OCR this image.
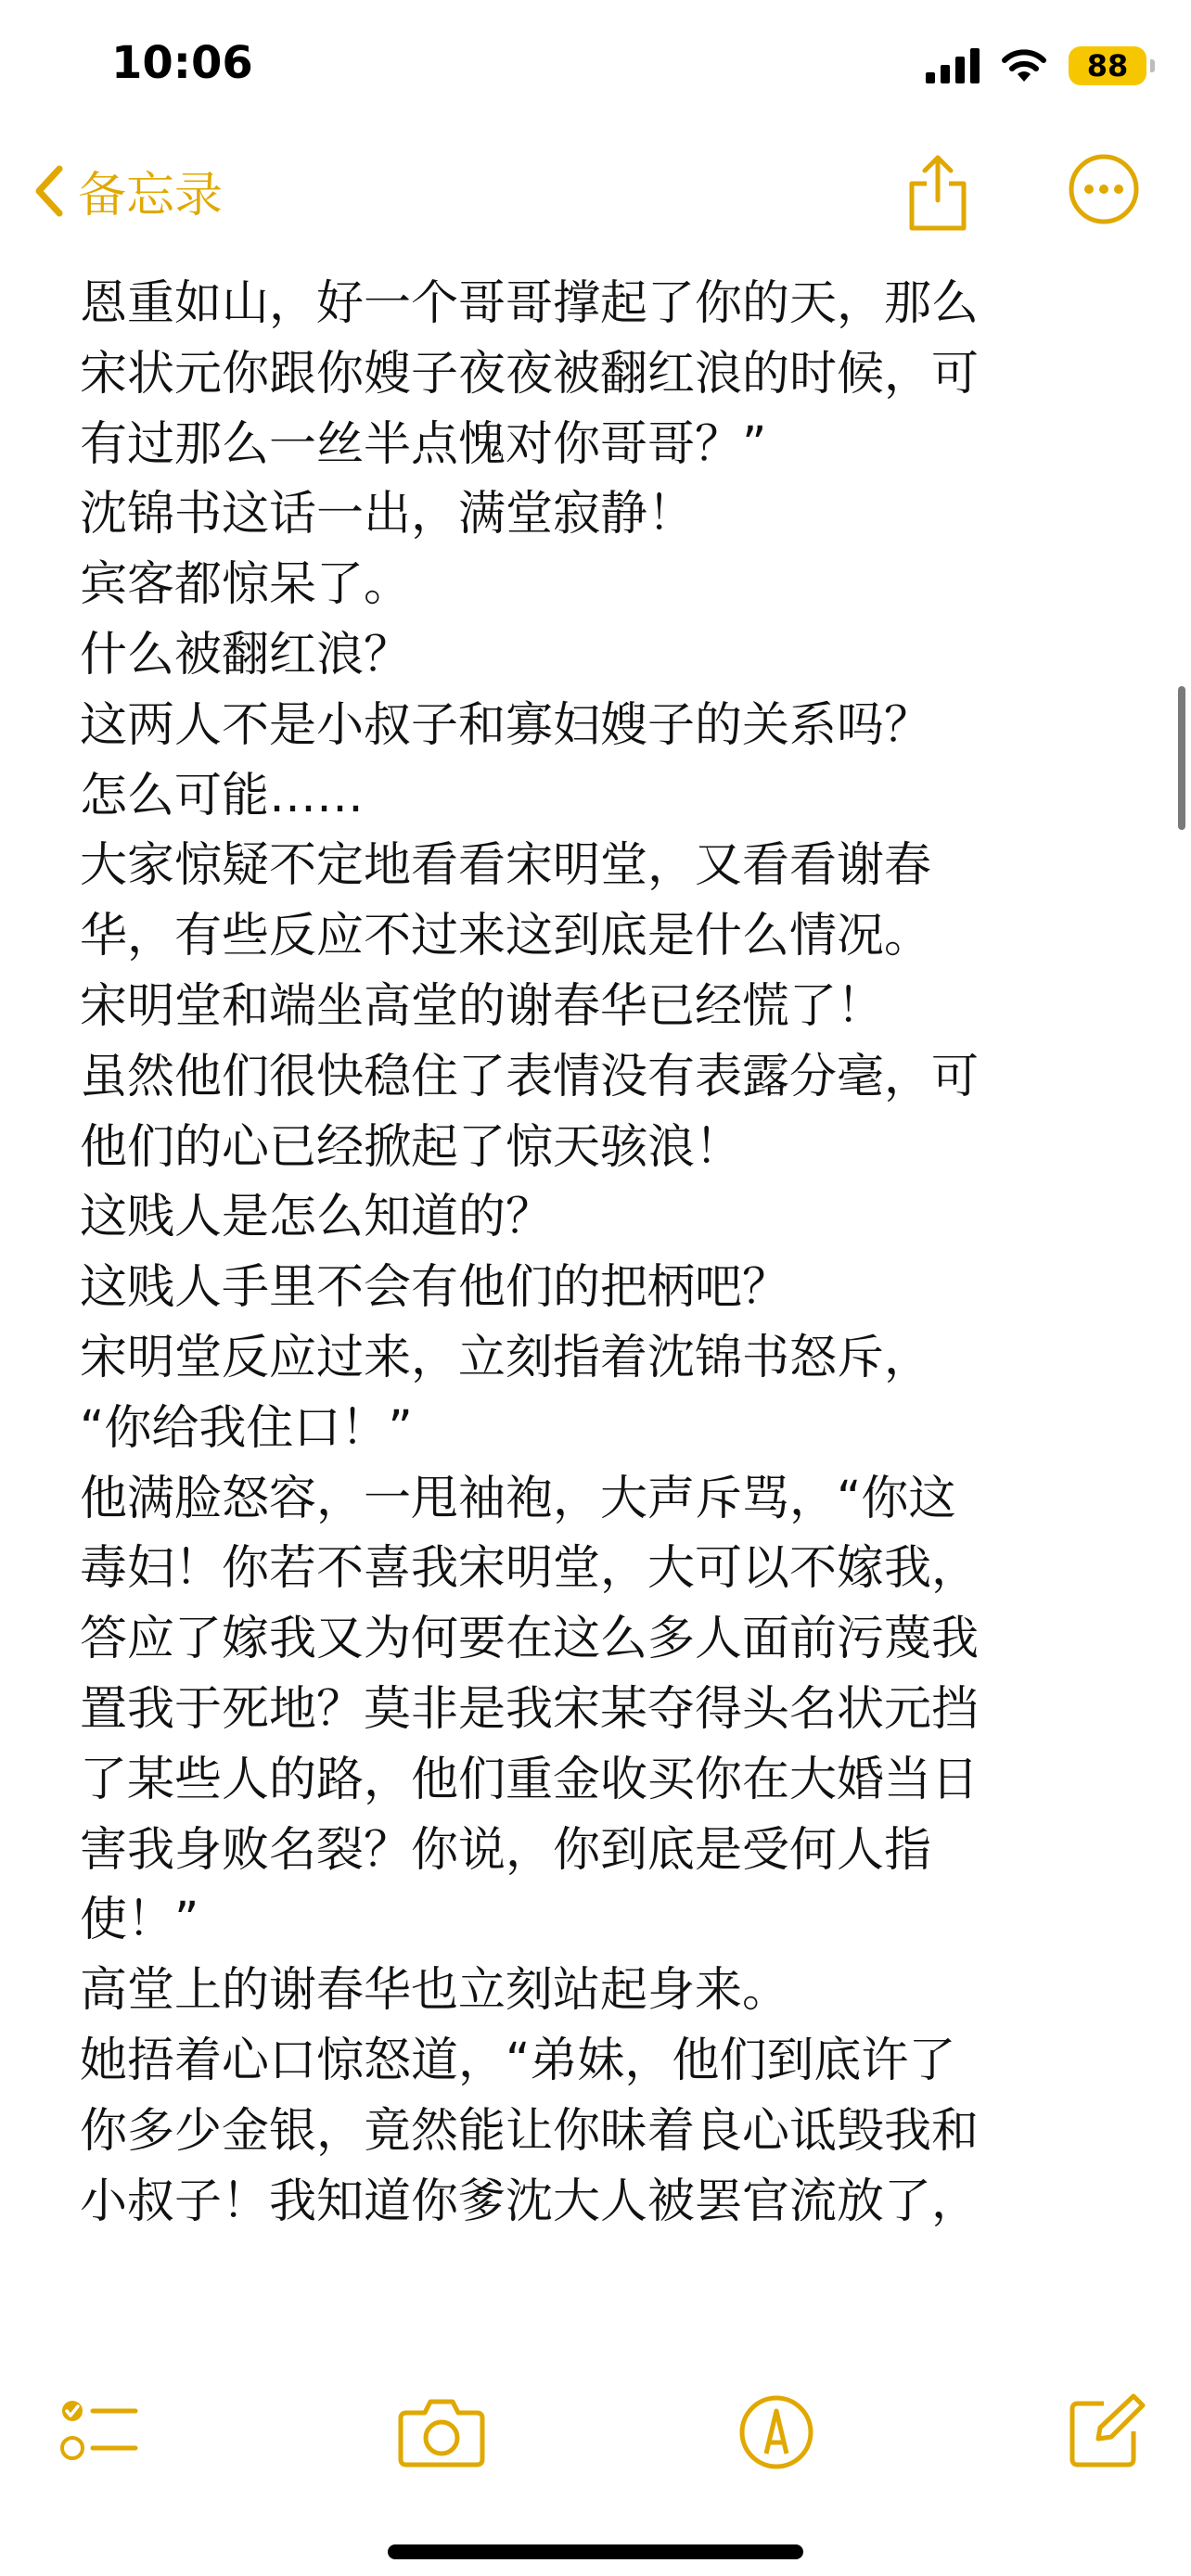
10:06	88
备忘录
恩重如山，好一个哥哥撑起了你的天，那么
宋状元你跟你嫂子夜夜被翻红浪的时候，可
有过那么一丝半点愧对你哥哥？”
沈锦书这话一出，满堂寂静！
宾客都惊呆了。
什么被翻红浪？
这两人不是小叔子和寡妇嫂子的关系吗？
怎么可能……
大家惊疑不定地看看宋明堂，又看看谢春
华，有些反应不过来这到底是什么情况。
宋明堂和端坐高堂的谢春华已经慌了！
虽然他们很快稳住了表情没有表露分毫，可
他们的心已经掀起了惊天骇浪！
这贱人是怎么知道的？
这贱人手里不会有他们的把柄吧？
宋明堂反应过来，立刻指着沈锦书怒斥，
“你给我住口！”
他满脸怒容，一甩袖袍，大声斥骂，“你这
毒妇！你若不喜我宋明堂，大可以不嫁我，
答应了嫁我又为何要在这么多人面前污蔑我
置我于死地？莫非是我宋某夺得头名状元挡
了某些人的路，他们重金收买你在大婚当日
害我身败名裂？你说，你到底是受何人指
使！”
高堂上的谢春华也立刻站起身来。
她捂着心口惊怒道，“弟妹，他们到底许了
你多少金银，竟然能让你昧着良心诋毁我和
小叔子！我知道你爹沈大人被罢官流放了，
